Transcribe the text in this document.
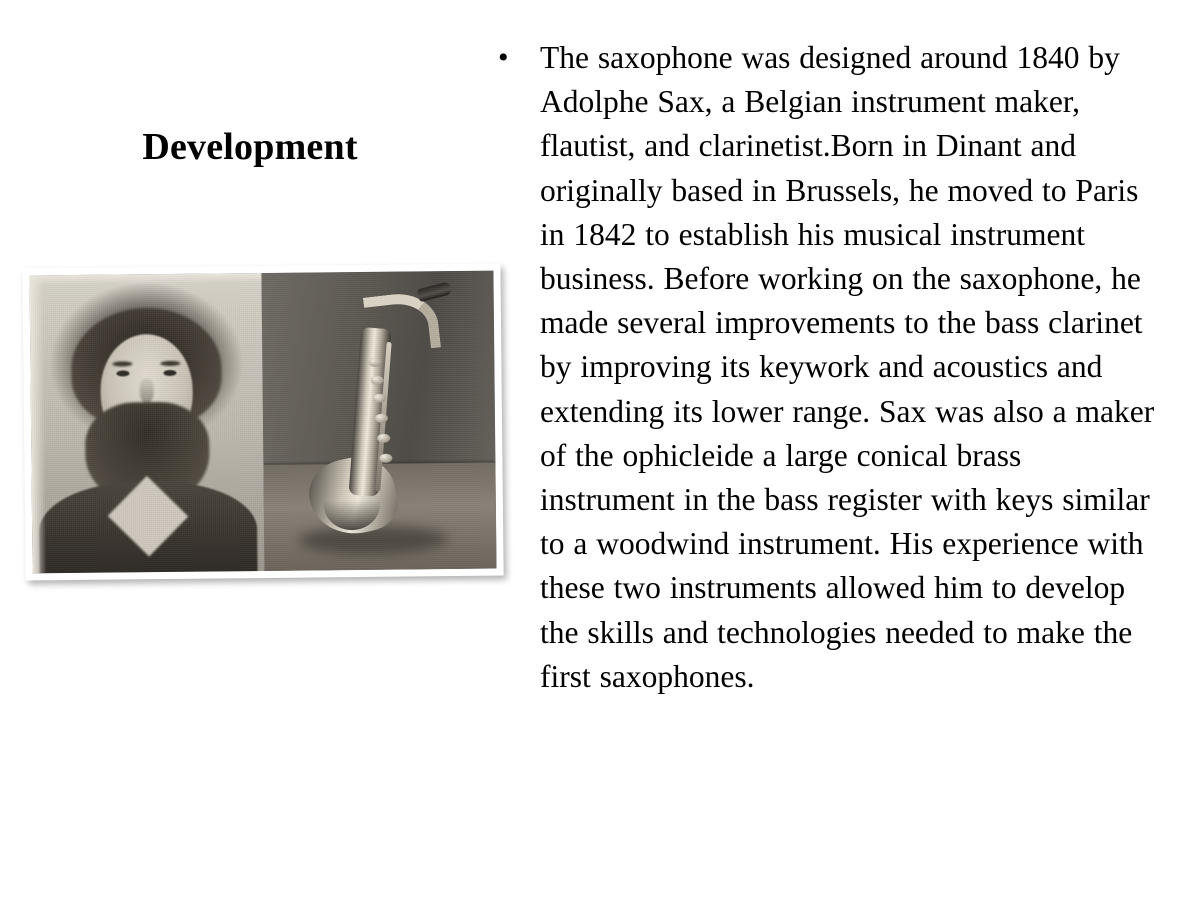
Development
• The saxophone was designed around 1840 by Adolphe Sax, a Belgian instrument maker, flautist, and clarinetist.Born in Dinant and originally based in Brussels, he moved to Paris in 1842 to establish his musical instrument business. Before working on the saxophone, he made several improvements to the bass clarinet by improving its keywork and acoustics and extending its lower range. Sax was also a maker of the ophicleide a large conical brass instrument in the bass register with keys similar to a woodwind instrument. His experience with these two instruments allowed him to develop the skills and technologies needed to make the first saxophones.
